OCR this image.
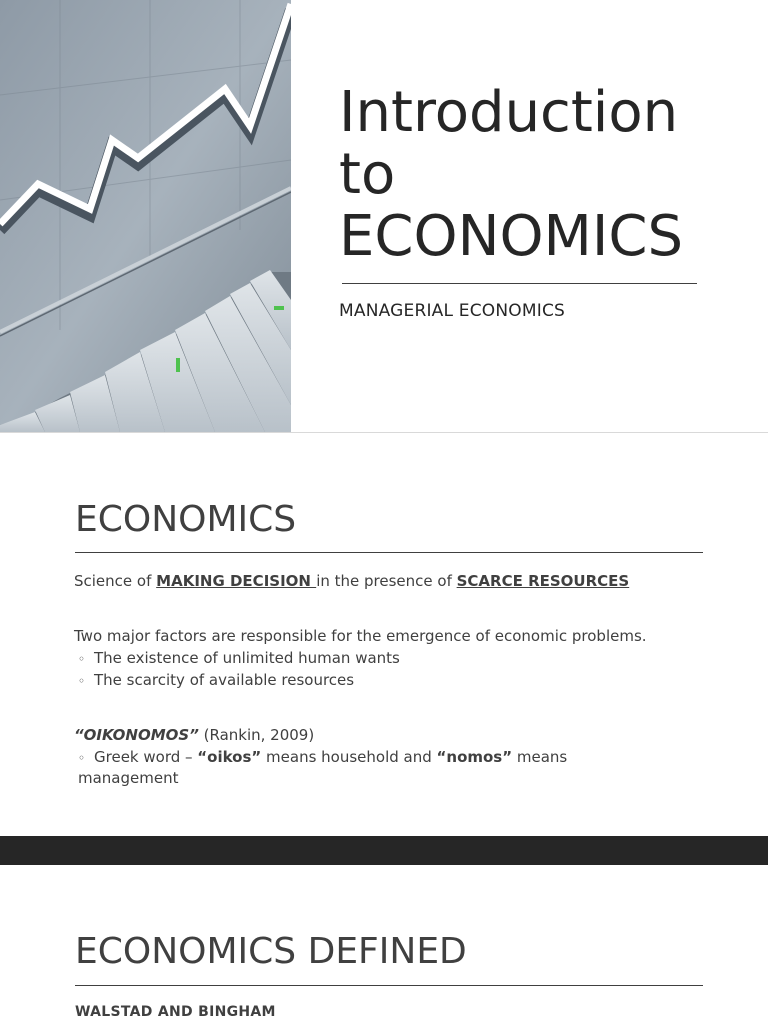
Introduction
to
ECONOMICS
MANAGERIAL ECONOMICS
ECONOMICS
Science of MAKING DECISION in the presence of SCARCE RESOURCES
Two major factors are responsible for the emergence of economic problems.
◦ The existence of unlimited human wants
◦ The scarcity of available resources
“OIKONOMOS” (Rankin, 2009)
◦ Greek word – “oikos” means household and “nomos” means management
ECONOMICS DEFINED
WALSTAD AND BINGHAM
